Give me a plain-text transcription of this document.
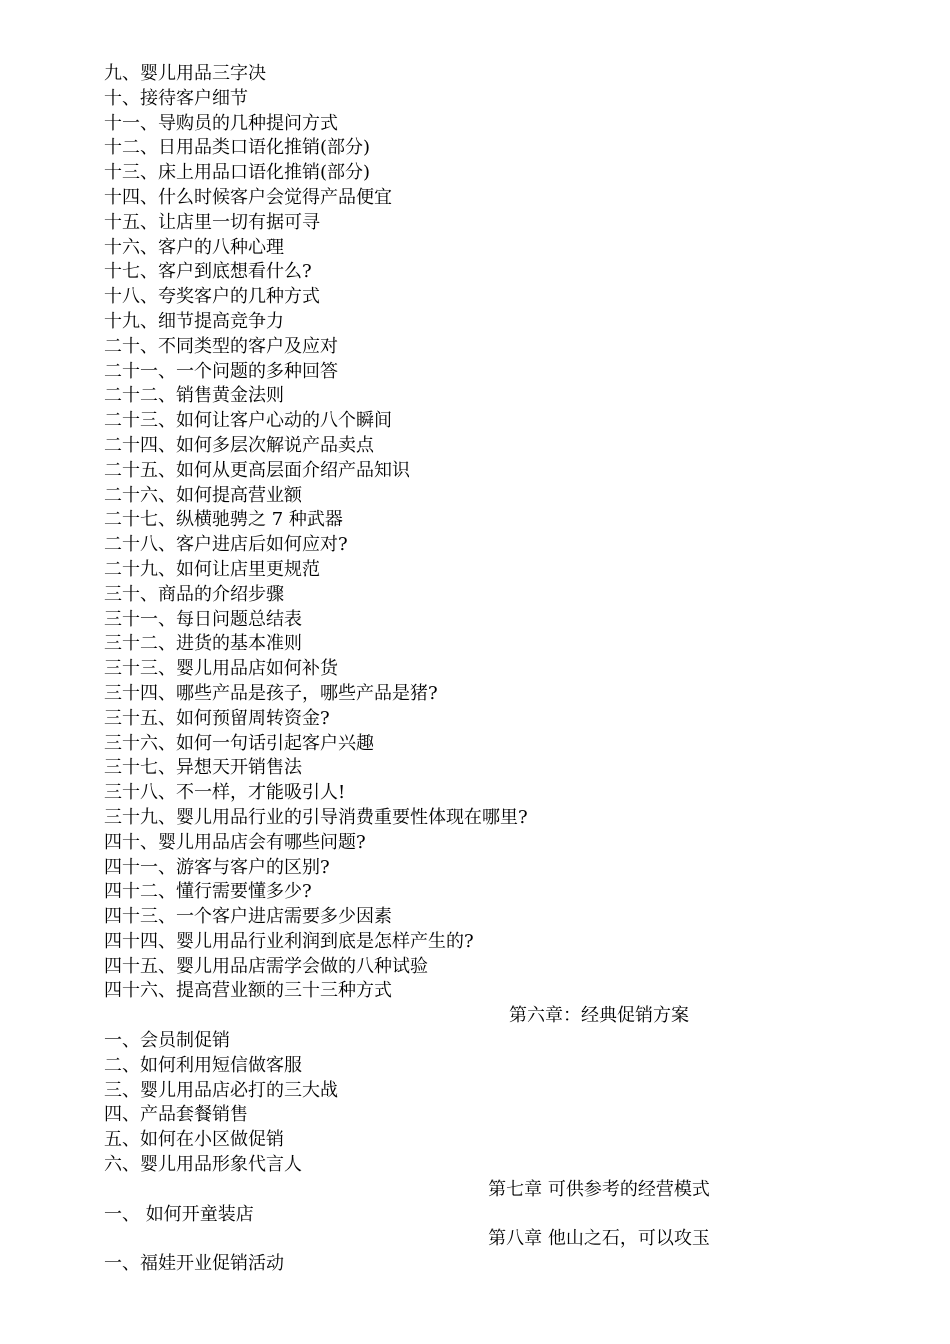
九、婴儿用品三字决
十、接待客户细节
十一、导购员的几种提问方式
十二、日用品类口语化推销(部分)
十三、床上用品口语化推销(部分)
十四、什么时候客户会觉得产品便宜
十五、让店里一切有据可寻
十六、客户的八种心理
十七、客户到底想看什么?
十八、夸奖客户的几种方式
十九、细节提高竞争力
二十、不同类型的客户及应对
二十一、一个问题的多种回答
二十二、销售黄金法则
二十三、如何让客户心动的八个瞬间
二十四、如何多层次解说产品卖点
二十五、如何从更高层面介绍产品知识
二十六、如何提高营业额
二十七、纵横驰骋之 7 种武器
二十八、客户进店后如何应对?
二十九、如何让店里更规范
三十、商品的介绍步骤
三十一、每日问题总结表
三十二、进货的基本准则
三十三、婴儿用品店如何补货
三十四、哪些产品是孩子，哪些产品是猪?
三十五、如何预留周转资金?
三十六、如何一句话引起客户兴趣
三十七、异想天开销售法
三十八、不一样，才能吸引人!
三十九、婴儿用品行业的引导消费重要性体现在哪里?
四十、婴儿用品店会有哪些问题?
四十一、游客与客户的区别?
四十二、懂行需要懂多少?
四十三、一个客户进店需要多少因素
四十四、婴儿用品行业利润到底是怎样产生的?
四十五、婴儿用品店需学会做的八种试验
四十六、提高营业额的三十三种方式
第六章：经典促销方案
一、会员制促销
二、如何利用短信做客服
三、婴儿用品店必打的三大战
四、产品套餐销售
五、如何在小区做促销
六、婴儿用品形象代言人
第七章 可供参考的经营模式
一、 如何开童装店
第八章 他山之石，可以攻玉
一、福娃开业促销活动
